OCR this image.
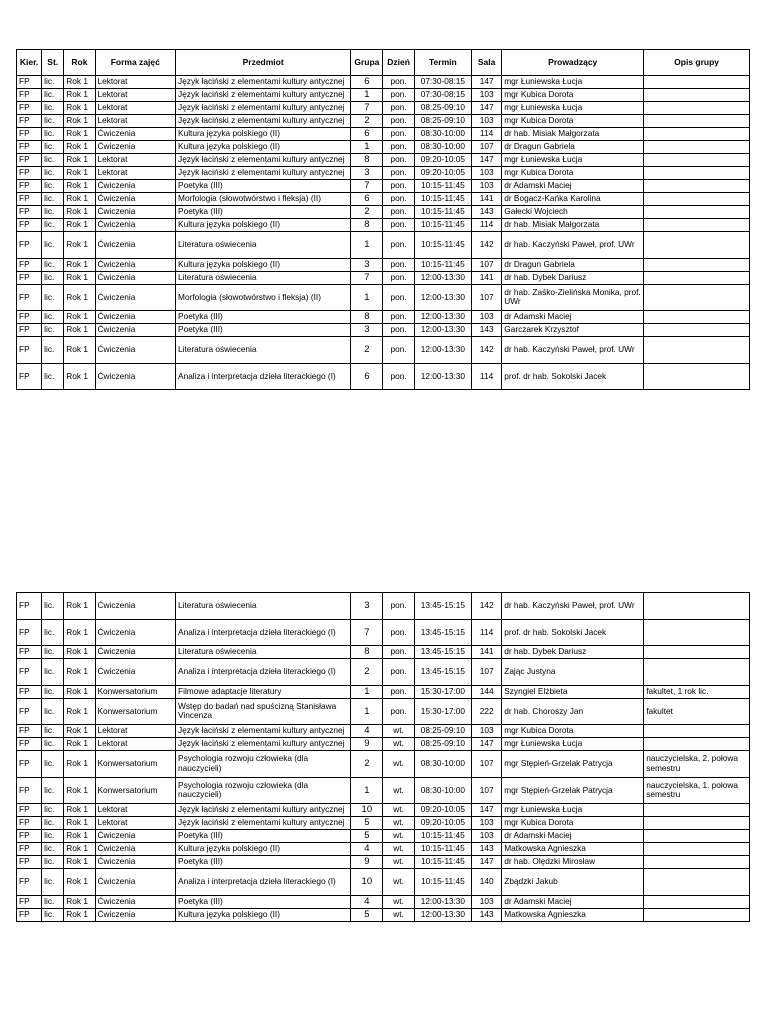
Kier.	St.	Rok	Forma zajęć	Przedmiot	Grupa	Dzień	Termin	Sala	Prowadzący	Opis grupy
FP	lic.	Rok 1	Lektorat	Język łaciński z elementami kultury antycznej	6	pon.	07:30-08:15	147	mgr Łuniewska Łucja	
FP	lic.	Rok 1	Lektorat	Język łaciński z elementami kultury antycznej	1	pon.	07:30-08:15	103	mgr Kubica Dorota	
FP	lic.	Rok 1	Lektorat	Język łaciński z elementami kultury antycznej	7	pon.	08:25-09:10	147	mgr Łuniewska Łucja	
FP	lic.	Rok 1	Lektorat	Język łaciński z elementami kultury antycznej	2	pon.	08:25-09:10	103	mgr Kubica Dorota	
FP	lic.	Rok 1	Ćwiczenia	Kultura języka polskiego (II)	6	pon.	08:30-10:00	114	dr hab. Misiak Małgorzata	
FP	lic.	Rok 1	Ćwiczenia	Kultura języka polskiego (II)	1	pon.	08:30-10:00	107	dr Dragun Gabriela	
FP	lic.	Rok 1	Lektorat	Język łaciński z elementami kultury antycznej	8	pon.	09:20-10:05	147	mgr Łuniewska Łucja	
FP	lic.	Rok 1	Lektorat	Język łaciński z elementami kultury antycznej	3	pon.	09:20-10:05	103	mgr Kubica Dorota	
FP	lic.	Rok 1	Ćwiczenia	Poetyka (III)	7	pon.	10:15-11:45	103	dr Adamski Maciej	
FP	lic.	Rok 1	Ćwiczenia	Morfologia (słowotwórstwo i fleksja) (II)	6	pon.	10:15-11:45	141	dr Bogacz-Kańka Karolina	
FP	lic.	Rok 1	Ćwiczenia	Poetyka (III)	2	pon.	10:15-11:45	143	Gałecki Wojciech	
FP	lic.	Rok 1	Ćwiczenia	Kultura języka polskiego (II)	8	pon.	10:15-11:45	114	dr hab. Misiak Małgorzata	
FP	lic.	Rok 1	Ćwiczenia	Literatura oświecenia	1	pon.	10:15-11:45	142	dr hab. Kaczyński Paweł, prof. UWr	
FP	lic.	Rok 1	Ćwiczenia	Kultura języka polskiego (II)	3	pon.	10:15-11:45	107	dr Dragun Gabriela	
FP	lic.	Rok 1	Ćwiczenia	Literatura oświecenia	7	pon.	12:00-13:30	141	dr hab. Dybek Dariusz	
FP	lic.	Rok 1	Ćwiczenia	Morfologia (słowotwórstwo i fleksja) (II)	1	pon.	12:00-13:30	107	dr hab. Zaśko-Zielińska Monika, prof. UWr	
FP	lic.	Rok 1	Ćwiczenia	Poetyka (III)	8	pon.	12:00-13:30	103	dr Adamski Maciej	
FP	lic.	Rok 1	Ćwiczenia	Poetyka (III)	3	pon.	12:00-13:30	143	Garczarek Krzysztof	
FP	lic.	Rok 1	Ćwiczenia	Literatura oświecenia	2	pon.	12:00-13:30	142	dr hab. Kaczyński Paweł, prof. UWr	
FP	lic.	Rok 1	Ćwiczenia	Analiza i interpretacja dzieła literackiego (I)	6	pon.	12:00-13:30	114	prof. dr hab. Sokolski Jacek	
FP	lic.	Rok 1	Ćwiczenia	Literatura oświecenia	3	pon.	13:45-15:15	142	dr hab. Kaczyński Paweł, prof. UWr	
FP	lic.	Rok 1	Ćwiczenia	Analiza i interpretacja dzieła literackiego (I)	7	pon.	13:45-15:15	114	prof. dr hab. Sokolski Jacek	
FP	lic.	Rok 1	Ćwiczenia	Literatura oświecenia	8	pon.	13:45-15:15	141	dr hab. Dybek Dariusz	
FP	lic.	Rok 1	Ćwiczenia	Analiza i interpretacja dzieła literackiego (I)	2	pon.	13:45-15:15	107	Zając Justyna	
FP	lic.	Rok 1	Konwersatorium	Filmowe adaptacje literatury	1	pon.	15:30-17:00	144	Szyngiel Elżbieta	fakultet, 1 rok lic.
FP	lic.	Rok 1	Konwersatorium	Wstęp do badań nad spuścizną Stanisława Vincenza	1	pon.	15:30-17:00	222	dr hab. Choroszy Jan	fakultet
FP	lic.	Rok 1	Lektorat	Język łaciński z elementami kultury antycznej	4	wt.	08:25-09:10	103	mgr Kubica Dorota	
FP	lic.	Rok 1	Lektorat	Język łaciński z elementami kultury antycznej	9	wt.	08:25-09:10	147	mgr Łuniewska Łucja	
FP	lic.	Rok 1	Konwersatorium	Psychologia rozwoju człowieka (dla nauczycieli)	2	wt.	08:30-10:00	107	mgr Stępień-Grzelak Patrycja	nauczycielska, 2. połowa semestru
FP	lic.	Rok 1	Konwersatorium	Psychologia rozwoju człowieka (dla nauczycieli)	1	wt.	08:30-10:00	107	mgr Stępień-Grzelak Patrycja	nauczycielska, 1. połowa semestru
FP	lic.	Rok 1	Lektorat	Język łaciński z elementami kultury antycznej	10	wt.	09:20-10:05	147	mgr Łuniewska Łucja	
FP	lic.	Rok 1	Lektorat	Język łaciński z elementami kultury antycznej	5	wt.	09:20-10:05	103	mgr Kubica Dorota	
FP	lic.	Rok 1	Ćwiczenia	Poetyka (III)	5	wt.	10:15-11:45	103	dr Adamski Maciej	
FP	lic.	Rok 1	Ćwiczenia	Kultura języka polskiego (II)	4	wt.	10:15-11:45	143	Matkowska Agnieszka	
FP	lic.	Rok 1	Ćwiczenia	Poetyka (III)	9	wt.	10:15-11:45	147	dr hab. Olędzki Mirosław	
FP	lic.	Rok 1	Ćwiczenia	Analiza i interpretacja dzieła literackiego (I)	10	wt.	10:15-11:45	140	Zbądzki Jakub	
FP	lic.	Rok 1	Ćwiczenia	Poetyka (III)	4	wt.	12:00-13:30	103	dr Adamski Maciej	
FP	lic.	Rok 1	Ćwiczenia	Kultura języka polskiego (II)	5	wt.	12:00-13:30	143	Matkowska Agnieszka	
